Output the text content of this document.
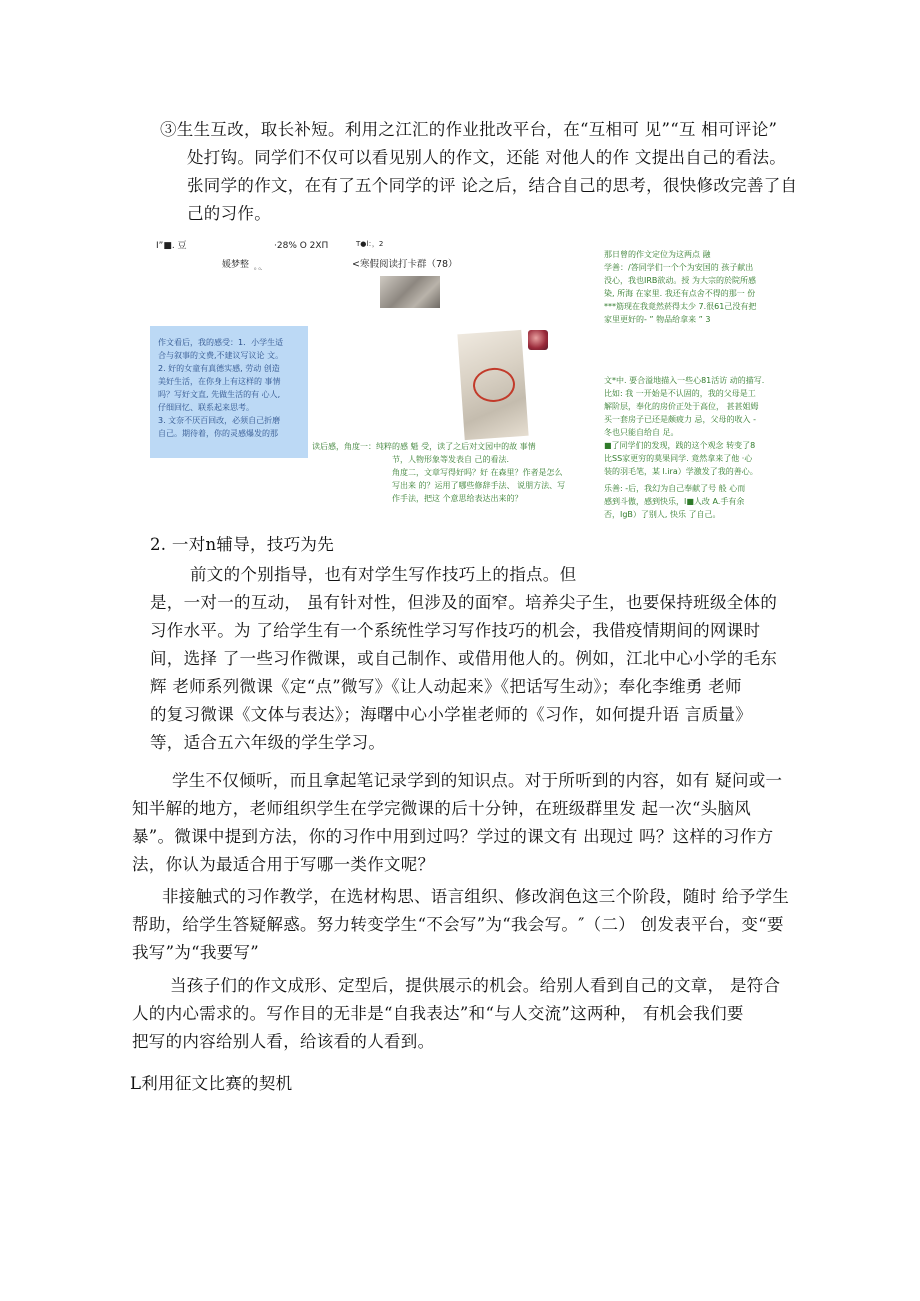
③生生互改，取长补短。利用之江汇的作业批改平台，在“互相可 见”“互 相可评论”

处打钩。同学们不仅可以看见别人的作文，还能 对他人的作 文提出自己的看法。

张同学的作文，在有了五个同学的评 论之后，结合自己的思考，很快修改完善了自

己的习作。

I”■. 豆	·28% O 2XΠ	T●l：，2
媛梦整 ₀ ₀.	<寒假阅读打卡群（78）
作文看后，我的感受：1．小学生适
合与叙事的文费,不建议写议论 文。
2. 好的女童有真德实感, 劳动 创造
美好生活，在你身上有这样的 事情
吗？写好文直, 先做生活的有 心人,
仔细回忆、联系起来思考。
3. 文奈不厌百回改，必须自己折磨
自己。期待着，你的灵感爆发的那
读后感，角度一：纯粹的感 魁 受，读了之后对文园中的故 事情
节，人物形象等发表自 己的看法.
角度二，文章写得好吗？好 在森里？作者是怎么
写出来 的？运用了哪些修辞手法、 说朋方法、写
作手法，把这 个意思给表达出来的？
那日曾的作文定位为这两点 融
学善：/答同学们一个个为安国的 孩子献出
没心，我也IRB欲动。授 为大宗的於院所感
染, 所海 在家里. 我还有点舍不得的那一 份
***筋现在我竟然菸得太少 7.很61己没有把
家里更好的- ” 物品给拿来 ” 3
文*中. 要合溢地描入一些心81活访 动的描写.
比如: 我 一开始是不认固的，我的父母是工
解阶层，奉化的房价正处于高位， 甚甚姐姆
买一套房子已还是颇疲力 忌，父母的收入 -
冬也只能自给自 足。
■了同学们的发现，践的这个观念 转变了8
比SS家更穷的莫果同学. 竟然拿来了他 ·心
装的羽毛笔，某 l.ira）学激发了我的善心。
乐善: -后，我幻为自己奉献了号 般 心而
感到斗傲，感到快乐，I■人改 A.手有余
否，IgB）了别人, 快乐 了自己。
2. 一对n辅导，技巧为先

前文的个别指导，也有对学生写作技巧上的指点。但

是，一对一的互动， 虽有针对性，但涉及的面窄。培养尖子生，也要保持班级全体的

习作水平。为 了给学生有一个系统性学习写作技巧的机会，我借疫情期间的网课时

间，选择 了一些习作微课，或自己制作、或借用他人的。例如，江北中心小学的毛东

辉 老师系列微课《定“点”微写》《让人动起来》《把话写生动》；奉化李维勇 老师

的复习微课《文体与表达》；海曙中心小学崔老师的《习作，如何提升语 言质量》

等，适合五六年级的学生学习。

学生不仅倾听，而且拿起笔记录学到的知识点。对于所听到的内容，如有 疑问或一

知半解的地方，老师组织学生在学完微课的后十分钟，在班级群里发 起一次“头脑风

暴”。微课中提到方法，你的习作中用到过吗？学过的课文有 出现过 吗？这样的习作方

法，你认为最适合用于写哪一类作文呢？

非接触式的习作教学，在选材构思、语言组织、修改润色这三个阶段，随时 给予学生

帮助，给学生答疑解惑。努力转变学生“不会写”为“我会写。″（二） 创发表平台，变“要

我写”为“我要写”

当孩子们的作文成形、定型后，提供展示的机会。给别人看到自己的文章， 是符合

人的内心需求的。写作目的无非是“自我表达”和“与人交流”这两种， 有机会我们要

把写的内容给别人看，给该看的人看到。

L利用征文比赛的契机
